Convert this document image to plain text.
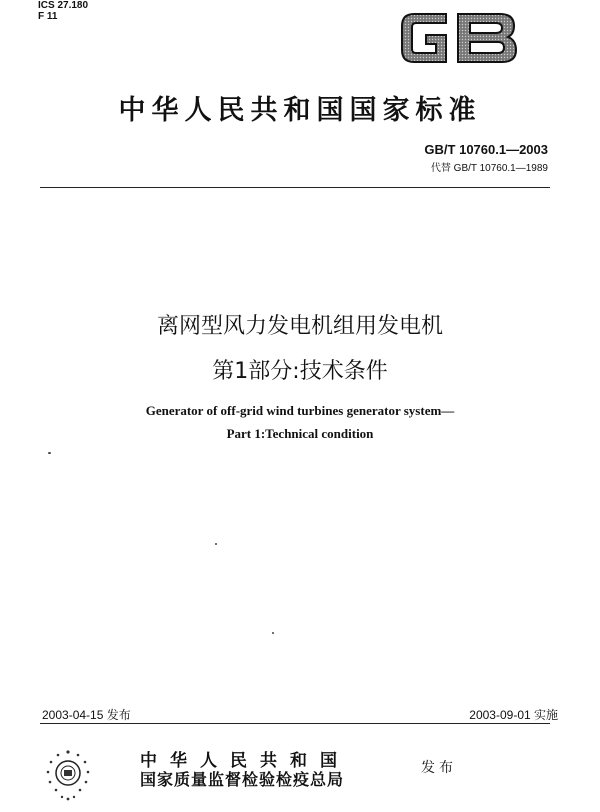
ICS 27.180
F 11
中华人民共和国国家标准
GB/T 10760.1—2003
代替 GB/T 10760.1—1989
离网型风力发电机组用发电机
第1部分:技术条件
Generator of off-grid wind turbines generator system—
Part 1:Technical condition
2003-04-15 发布	2003-09-01 实施
中华人民共和国
国家质量监督检验检疫总局
发布
